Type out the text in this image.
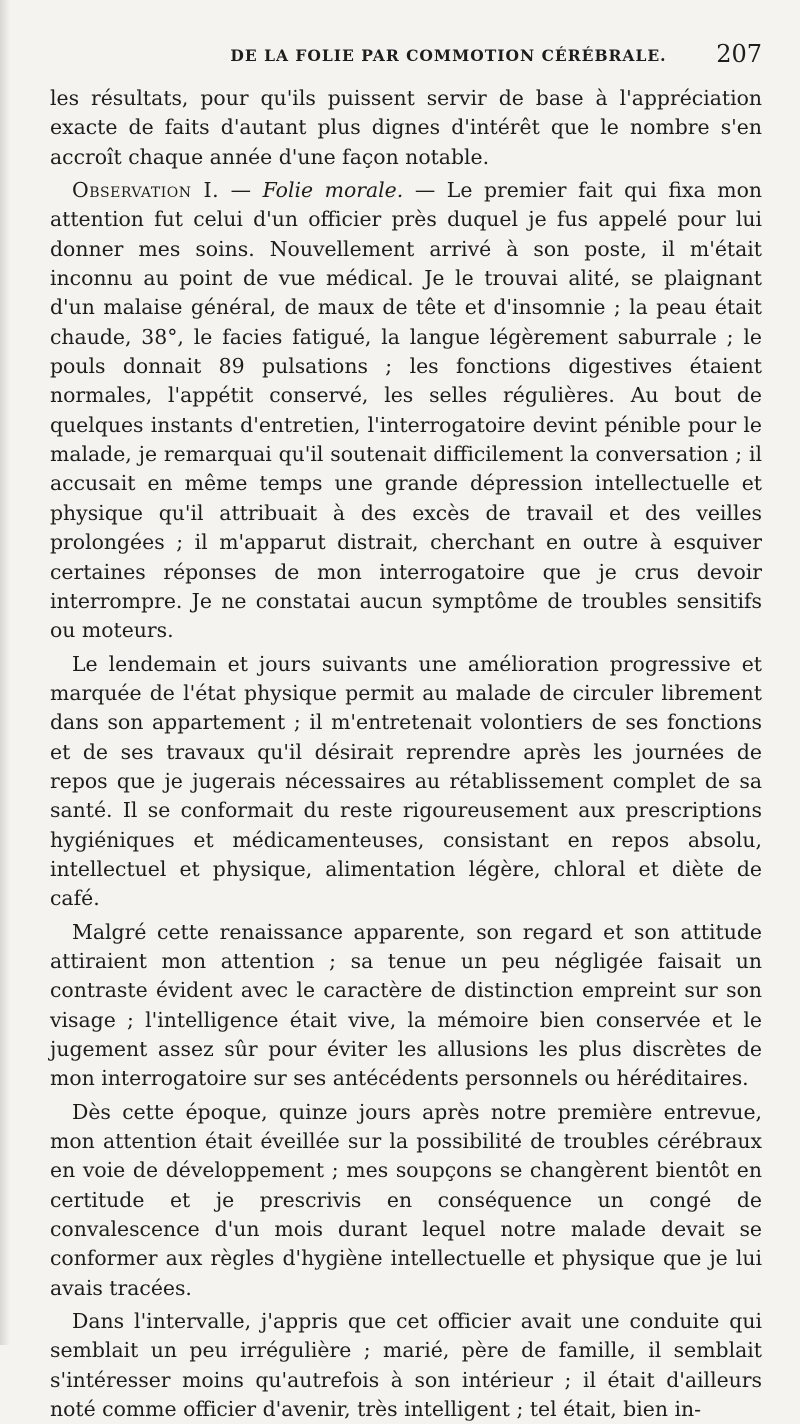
DE LA FOLIE PAR COMMOTION CÉRÉBRALE.	207

les résultats, pour qu'ils puissent servir de base à l'appréciation exacte de faits d'autant plus dignes d'intérêt que le nombre s'en accroît chaque année d'une façon notable.

Observation I. — Folie morale. — Le premier fait qui fixa mon attention fut celui d'un officier près duquel je fus appelé pour lui donner mes soins. Nouvellement arrivé à son poste, il m'était inconnu au point de vue médical. Je le trouvai alité, se plaignant d'un malaise général, de maux de tête et d'insomnie ; la peau était chaude, 38°, le facies fatigué, la langue légèrement saburrale ; le pouls donnait 89 pulsations ; les fonctions digestives étaient normales, l'appétit conservé, les selles régulières. Au bout de quelques instants d'entretien, l'interrogatoire devint pénible pour le malade, je remarquai qu'il soutenait difficilement la conversation ; il accusait en même temps une grande dépression intellectuelle et physique qu'il attribuait à des excès de travail et des veilles prolongées ; il m'apparut distrait, cherchant en outre à esquiver certaines réponses de mon interrogatoire que je crus devoir interrompre. Je ne constatai aucun symptôme de troubles sensitifs ou moteurs.

Le lendemain et jours suivants une amélioration progressive et marquée de l'état physique permit au malade de circuler librement dans son appartement ; il m'entretenait volontiers de ses fonctions et de ses travaux qu'il désirait reprendre après les journées de repos que je jugerais nécessaires au rétablissement complet de sa santé. Il se conformait du reste rigoureusement aux prescriptions hygiéniques et médicamenteuses, consistant en repos absolu, intellectuel et physique, alimentation légère, chloral et diète de café.

Malgré cette renaissance apparente, son regard et son attitude attiraient mon attention ; sa tenue un peu négligée faisait un contraste évident avec le caractère de distinction empreint sur son visage ; l'intelligence était vive, la mémoire bien conservée et le jugement assez sûr pour éviter les allusions les plus discrètes de mon interrogatoire sur ses antécédents personnels ou héréditaires.

Dès cette époque, quinze jours après notre première entrevue, mon attention était éveillée sur la possibilité de troubles cérébraux en voie de développement ; mes soupçons se changèrent bientôt en certitude et je prescrivis en conséquence un congé de convalescence d'un mois durant lequel notre malade devait se conformer aux règles d'hygiène intellectuelle et physique que je lui avais tracées.

Dans l'intervalle, j'appris que cet officier avait une conduite qui semblait un peu irrégulière ; marié, père de famille, il semblait s'intéresser moins qu'autrefois à son intérieur ; il était d'ailleurs noté comme officier d'avenir, très intelligent ; tel était, bien in-
